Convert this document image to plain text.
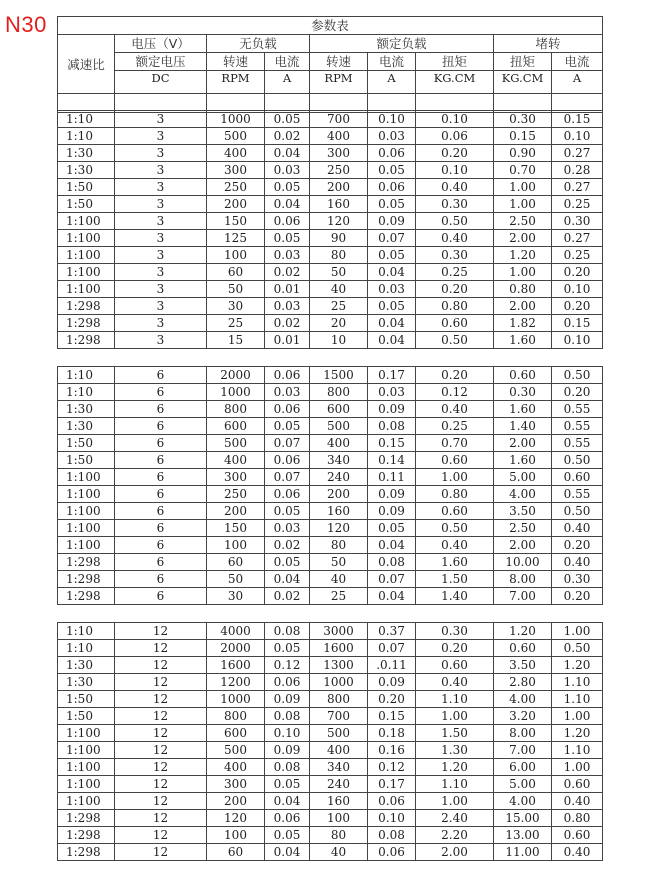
N30	参数表								
减速比	电压（V）	无负载		额定负载			堵转	
	额定电压	转速	电流	转速	电流	扭矩	扭矩	电流
	DC	RPM	A	RPM	A	KG.CM	KG.CM	A

1:10	3	1000	0.05	700	0.10	0.10	0.30	0.15
1:10	3	500	0.02	400	0.03	0.06	0.15	0.10
1:30	3	400	0.04	300	0.06	0.20	0.90	0.27
1:30	3	300	0.03	250	0.05	0.10	0.70	0.28
1:50	3	250	0.05	200	0.06	0.40	1.00	0.27
1:50	3	200	0.04	160	0.05	0.30	1.00	0.25
1:100	3	150	0.06	120	0.09	0.50	2.50	0.30
1:100	3	125	0.05	90	0.07	0.40	2.00	0.27
1:100	3	100	0.03	80	0.05	0.30	1.20	0.25
1:100	3	60	0.02	50	0.04	0.25	1.00	0.20
1:100	3	50	0.01	40	0.03	0.20	0.80	0.10
1:298	3	30	0.03	25	0.05	0.80	2.00	0.20
1:298	3	25	0.02	20	0.04	0.60	1.82	0.15
1:298	3	15	0.01	10	0.04	0.50	1.60	0.10
1:10	6	2000	0.06	1500	0.17	0.20	0.60	0.50
1:10	6	1000	0.03	800	0.03	0.12	0.30	0.20
1:30	6	800	0.06	600	0.09	0.40	1.60	0.55
1:30	6	600	0.05	500	0.08	0.25	1.40	0.55
1:50	6	500	0.07	400	0.15	0.70	2.00	0.55
1:50	6	400	0.06	340	0.14	0.60	1.60	0.50
1:100	6	300	0.07	240	0.11	1.00	5.00	0.60
1:100	6	250	0.06	200	0.09	0.80	4.00	0.55
1:100	6	200	0.05	160	0.09	0.60	3.50	0.50
1:100	6	150	0.03	120	0.05	0.50	2.50	0.40
1:100	6	100	0.02	80	0.04	0.40	2.00	0.20
1:298	6	60	0.05	50	0.08	1.60	10.00	0.40
1:298	6	50	0.04	40	0.07	1.50	8.00	0.30
1:298	6	30	0.02	25	0.04	1.40	7.00	0.20
1:10	12	4000	0.08	3000	0.37	0.30	1.20	1.00
1:10	12	2000	0.05	1600	0.07	0.20	0.60	0.50
1:30	12	1600	0.12	1300	.0.11	0.60	3.50	1.20
1:30	12	1200	0.06	1000	0.09	0.40	2.80	1.10
1:50	12	1000	0.09	800	0.20	1.10	4.00	1.10
1:50	12	800	0.08	700	0.15	1.00	3.20	1.00
1:100	12	600	0.10	500	0.18	1.50	8.00	1.20
1:100	12	500	0.09	400	0.16	1.30	7.00	1.10
1:100	12	400	0.08	340	0.12	1.20	6.00	1.00
1:100	12	300	0.05	240	0.17	1.10	5.00	0.60
1:100	12	200	0.04	160	0.06	1.00	4.00	0.40
1:298	12	120	0.06	100	0.10	2.40	15.00	0.80
1:298	12	100	0.05	80	0.08	2.20	13.00	0.60
1:298	12	60	0.04	40	0.06	2.00	11.00	0.40
